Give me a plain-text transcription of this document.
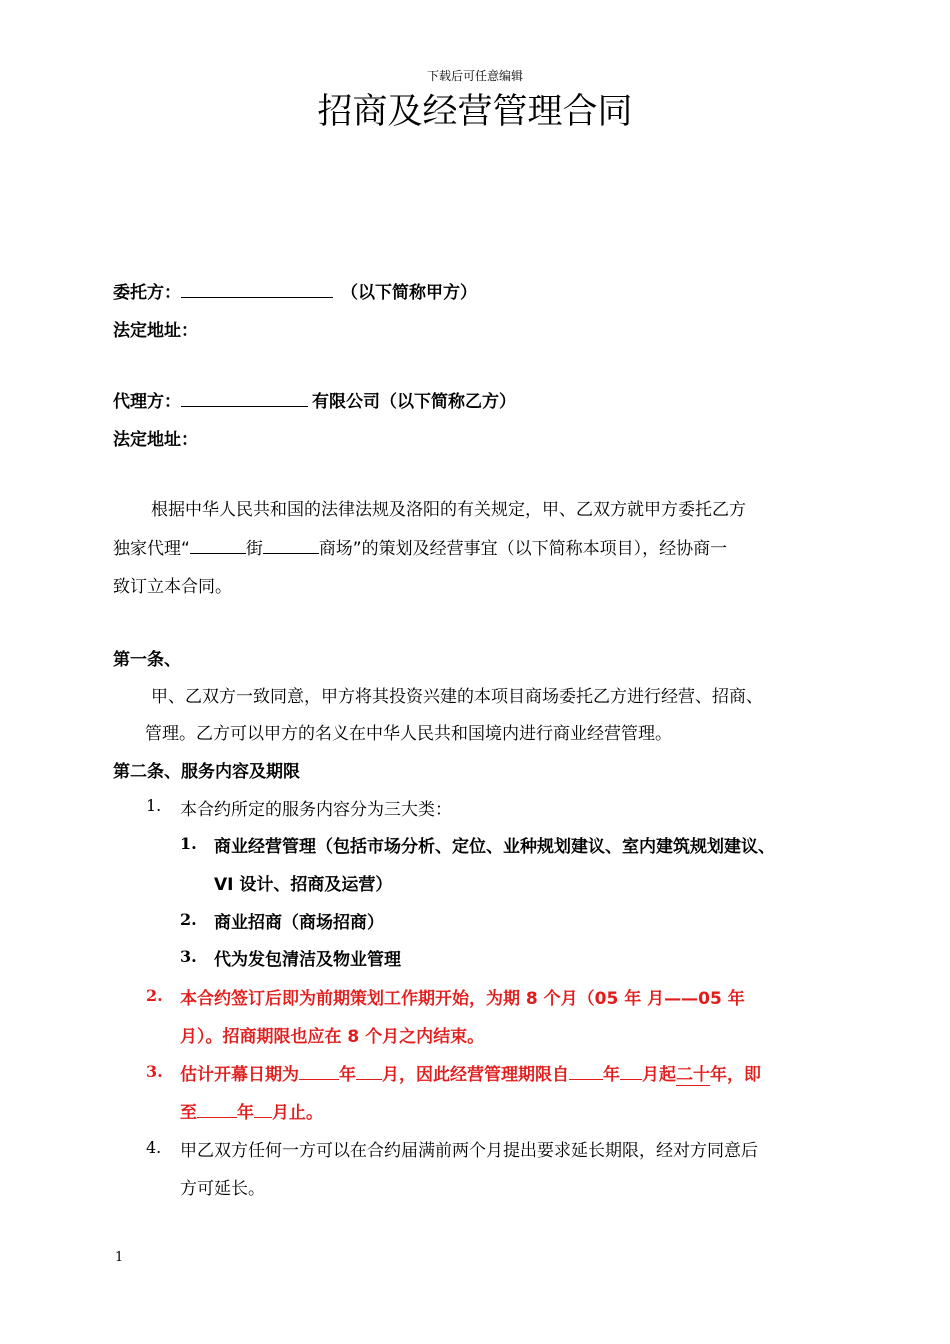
下载后可任意编辑
招商及经营管理合同
委托方：	（以下简称甲方）
法定地址：
代理方：	有限公司（以下简称乙方）
法定地址：
根据中华人民共和国的法律法规及洛阳的有关规定，甲、乙双方就甲方委托乙方
独家代理“	街	商场”的策划及经营事宜（以下简称本项目），经协商一
致订立本合同。
第一条、
甲、乙双方一致同意，甲方将其投资兴建的本项目商场委托乙方进行经营、招商、
管理。乙方可以甲方的名义在中华人民共和国境内进行商业经营管理。
第二条、服务内容及期限
1. 本合约所定的服务内容分为三大类：
1. 商业经营管理（包括市场分析、定位、业种规划建议、室内建筑规划建议、
VI 设计、招商及运营）
2. 商业招商（商场招商）
3. 代为发包清洁及物业管理
2. 本合约签订后即为前期策划工作期开始，为期 8 个月（05 年 月——05 年
月）。招商期限也应在 8 个月之内结束。
3. 估计开幕日期为 年 月，因此经营管理期限自 年 月起二十年，即
至 年 月止。
4. 甲乙双方任何一方可以在合约届满前两个月提出要求延长期限，经对方同意后
方可延长。
1
